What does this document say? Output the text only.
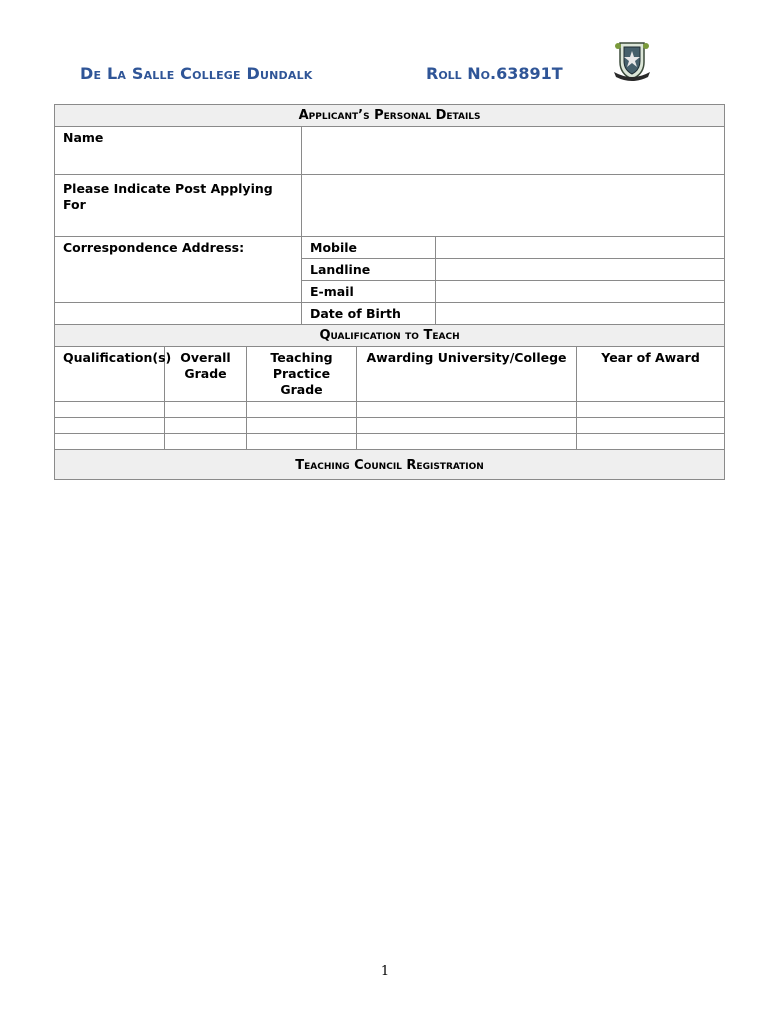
De La Salle College Dundalk	Roll No.63891T
Applicant’s Personal Details						
Name						
Please Indicate Post Applying For						
Correspondence Address:			Mobile			
			Landline			
			E-mail			
			Date of Birth			
Qualification to Teach						
Qualification(s)	Overall Grade	Teaching Practice Grade		Awarding University/College		Year of Award

Teaching Council Registration						
1
